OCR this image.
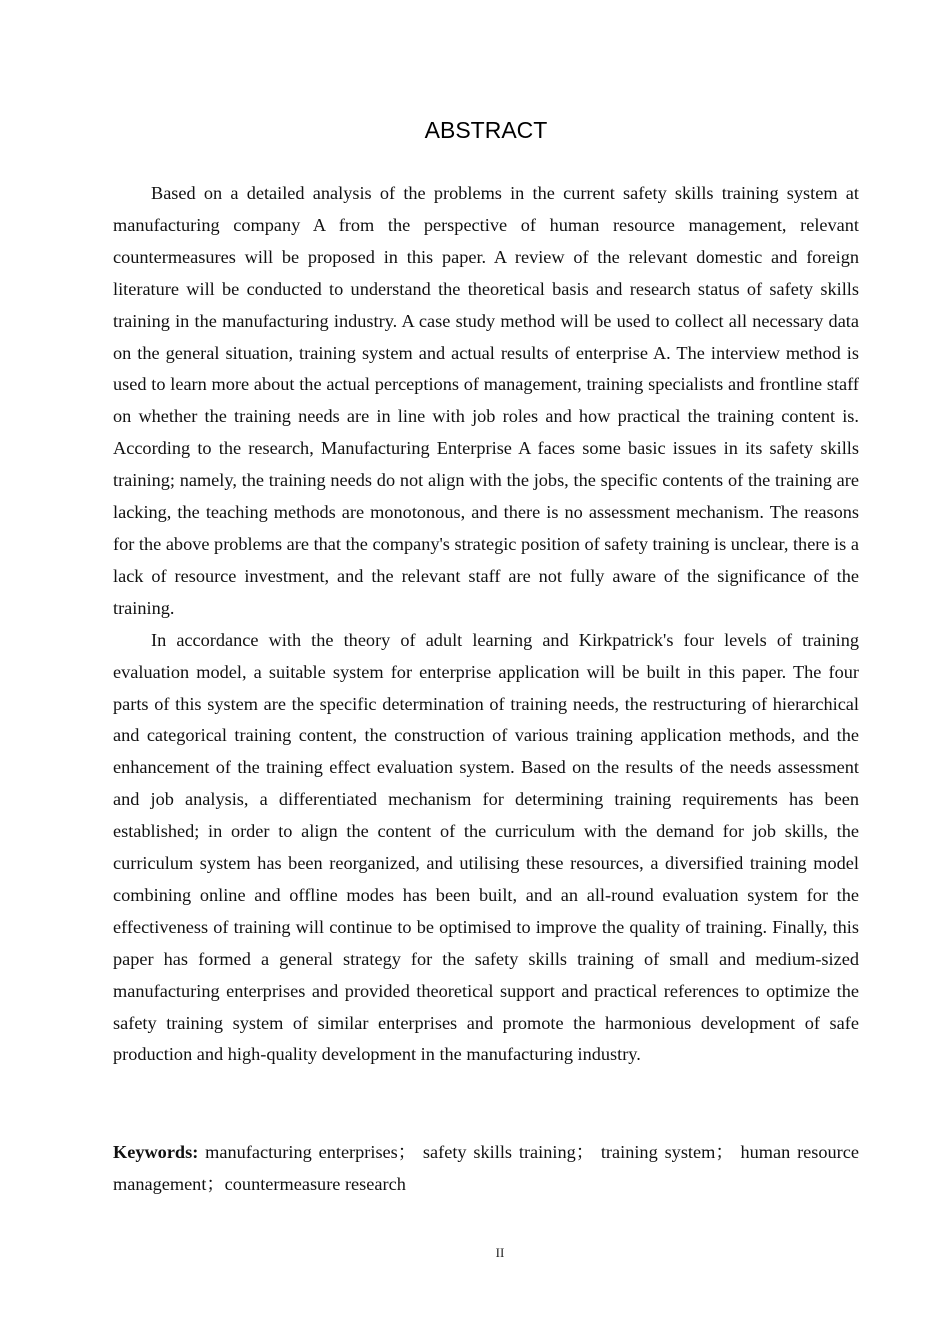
ABSTRACT

Based on a detailed analysis of the problems in the current safety skills training system at manufacturing company A from the perspective of human resource management, relevant countermeasures will be proposed in this paper. A review of the relevant domestic and foreign literature will be conducted to understand the theoretical basis and research status of safety skills training in the manufacturing industry. A case study method will be used to collect all necessary data on the general situation, training system and actual results of enterprise A. The interview method is used to learn more about the actual perceptions of management, training specialists and frontline staff on whether the training needs are in line with job roles and how practical the training content is. According to the research, Manufacturing Enterprise A faces some basic issues in its safety skills training; namely, the training needs do not align with the jobs, the specific contents of the training are lacking, the teaching methods are monotonous, and there is no assessment mechanism. The reasons for the above problems are that the company's strategic position of safety training is unclear, there is a lack of resource investment, and the relevant staff are not fully aware of the significance of the training.

In accordance with the theory of adult learning and Kirkpatrick's four levels of training evaluation model, a suitable system for enterprise application will be built in this paper. The four parts of this system are the specific determination of training needs, the restructuring of hierarchical and categorical training content, the construction of various training application methods, and the enhancement of the training effect evaluation system. Based on the results of the needs assessment and job analysis, a differentiated mechanism for determining training requirements has been established; in order to align the content of the curriculum with the demand for job skills, the curriculum system has been reorganized, and utilising these resources, a diversified training model combining online and offline modes has been built, and an all-round evaluation system for the effectiveness of training will continue to be optimised to improve the quality of training. Finally, this paper has formed a general strategy for the safety skills training of small and medium-sized manufacturing enterprises and provided theoretical support and practical references to optimize the safety training system of similar enterprises and promote the harmonious development of safe production and high-quality development in the manufacturing industry.

Keywords: manufacturing enterprises； safety skills training； training system； human resource management；countermeasure research

II
